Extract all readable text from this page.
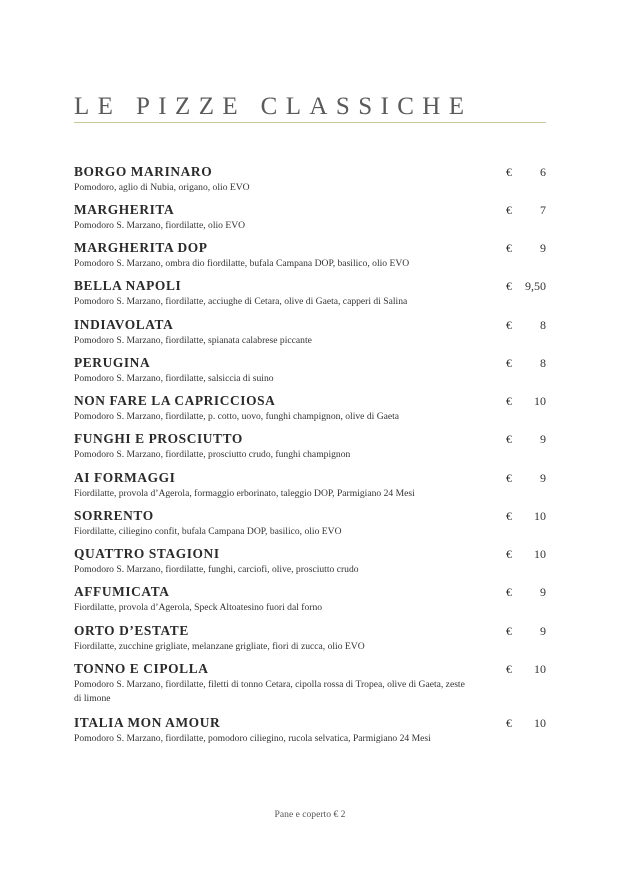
LE PIZZE CLASSICHE
BORGO MARINARO
Pomodoro, aglio di Nubia, origano, olio EVO
€ 6
MARGHERITA
Pomodoro S. Marzano, fiordilatte, olio EVO
€ 7
MARGHERITA DOP
Pomodoro S. Marzano, ombra dio fiordilatte, bufala Campana DOP, basilico, olio EVO
€ 9
BELLA NAPOLI
Pomodoro S. Marzano, fiordilatte, acciughe di Cetara, olive di Gaeta, capperi di Salina
€ 9,50
INDIAVOLATA
Pomodoro S. Marzano, fiordilatte, spianata calabrese piccante
€ 8
PERUGINA
Pomodoro S. Marzano, fiordilatte, salsiccia di suino
€ 8
NON FARE LA CAPRICCIOSA
Pomodoro S. Marzano, fiordilatte, p. cotto, uovo, funghi champignon, olive di Gaeta
€ 10
FUNGHI E PROSCIUTTO
Pomodoro S. Marzano, fiordilatte, prosciutto crudo, funghi champignon
€ 9
AI FORMAGGI
Fiordilatte, provola d’Agerola, formaggio erborinato, taleggio DOP, Parmigiano 24 Mesi
€ 9
SORRENTO
Fiordilatte, ciliegino confit, bufala Campana DOP, basilico, olio EVO
€ 10
QUATTRO STAGIONI
Pomodoro S. Marzano, fiordilatte, funghi, carciofi, olive, prosciutto crudo
€ 10
AFFUMICATA
Fiordilatte, provola d’Agerola, Speck Altoatesino fuori dal forno
€ 9
ORTO D’ESTATE
Fiordilatte, zucchine grigliate, melanzane grigliate, fiori di zucca, olio EVO
€ 9
TONNO E CIPOLLA
Pomodoro S. Marzano, fiordilatte, filetti di tonno Cetara, cipolla rossa di Tropea, olive di Gaeta, zeste di limone
€ 10
ITALIA MON AMOUR
Pomodoro S. Marzano, fiordilatte, pomodoro ciliegino, rucola selvatica, Parmigiano 24 Mesi
€ 10
Pane e coperto € 2
